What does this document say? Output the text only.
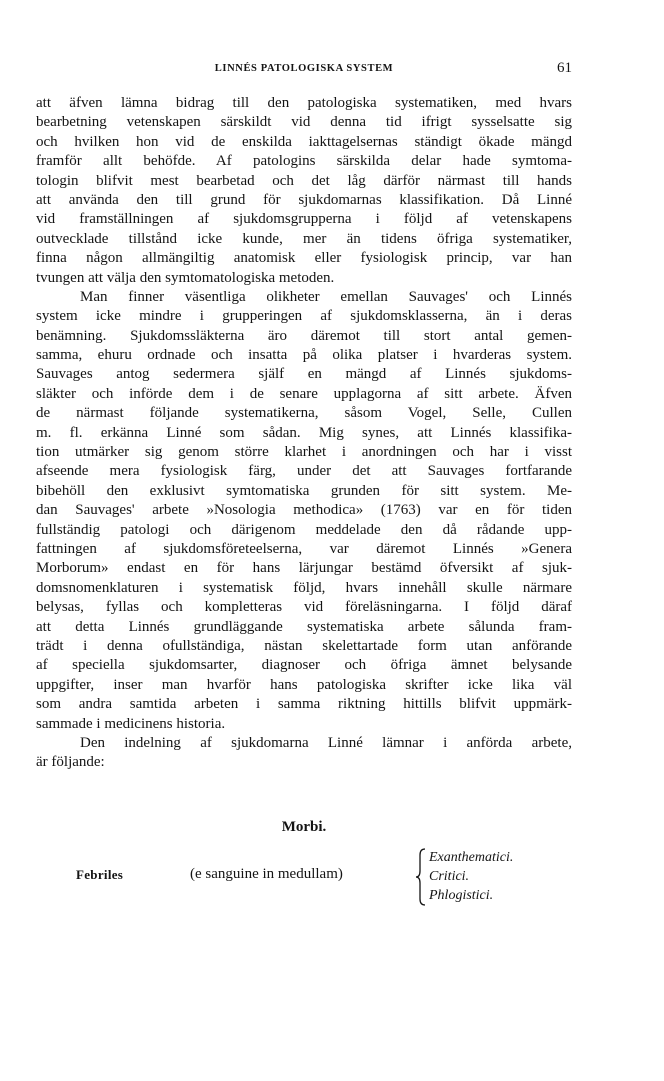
LINNÉS PATOLOGISKA SYSTEM	61
att äfven lämna bidrag till den patologiska systematiken, med hvars
bearbetning vetenskapen särskildt vid denna tid ifrigt sysselsatte sig
och hvilken hon vid de enskilda iakttagelsernas ständigt ökade mängd
framför allt behöfde. Af patologins särskilda delar hade symtoma-
tologin blifvit mest bearbetad och det låg därför närmast till hands
att använda den till grund för sjukdomarnas klassifikation. Då Linné
vid framställningen af sjukdomsgrupperna i följd af vetenskapens
outvecklade tillstånd icke kunde, mer än tidens öfriga systematiker,
finna någon allmängiltig anatomisk eller fysiologisk princip, var han
tvungen att välja den symtomatologiska metoden.
Man finner väsentliga olikheter emellan Sauvages' och Linnés
system icke mindre i grupperingen af sjukdomsklasserna, än i deras
benämning. Sjukdomssläkterna äro däremot till stort antal gemen-
samma, ehuru ordnade och insatta på olika platser i hvarderas system.
Sauvages antog sedermera själf en mängd af Linnés sjukdoms-
släkter och införde dem i de senare upplagorna af sitt arbete. Äfven
de närmast följande systematikerna, såsom Vogel, Selle, Cullen
m. fl. erkänna Linné som sådan. Mig synes, att Linnés klassifika-
tion utmärker sig genom större klarhet i anordningen och har i visst
afseende mera fysiologisk färg, under det att Sauvages fortfarande
bibehöll den exklusivt symtomatiska grunden för sitt system. Me-
dan Sauvages' arbete »Nosologia methodica» (1763) var en för tiden
fullständig patologi och därigenom meddelade den då rådande upp-
fattningen af sjukdomsföreteelserna, var däremot Linnés »Genera
Morborum» endast en för hans lärjungar bestämd öfversikt af sjuk-
domsnomenklaturen i systematisk följd, hvars innehåll skulle närmare
belysas, fyllas och kompletteras vid föreläsningarna. I följd däraf
att detta Linnés grundläggande systematiska arbete sålunda fram-
trädt i denna ofullständiga, nästan skelettartade form utan anförande
af speciella sjukdomsarter, diagnoser och öfriga ämnet belysande
uppgifter, inser man hvarför hans patologiska skrifter icke lika väl
som andra samtida arbeten i samma riktning hittills blifvit uppmärk-
sammade i medicinens historia.
Den indelning af sjukdomarna Linné lämnar i anförda arbete,
är följande:
Morbi.
Febriles	(e sanguine in medullam)
Exanthematici.
Critici.
Phlogistici.
